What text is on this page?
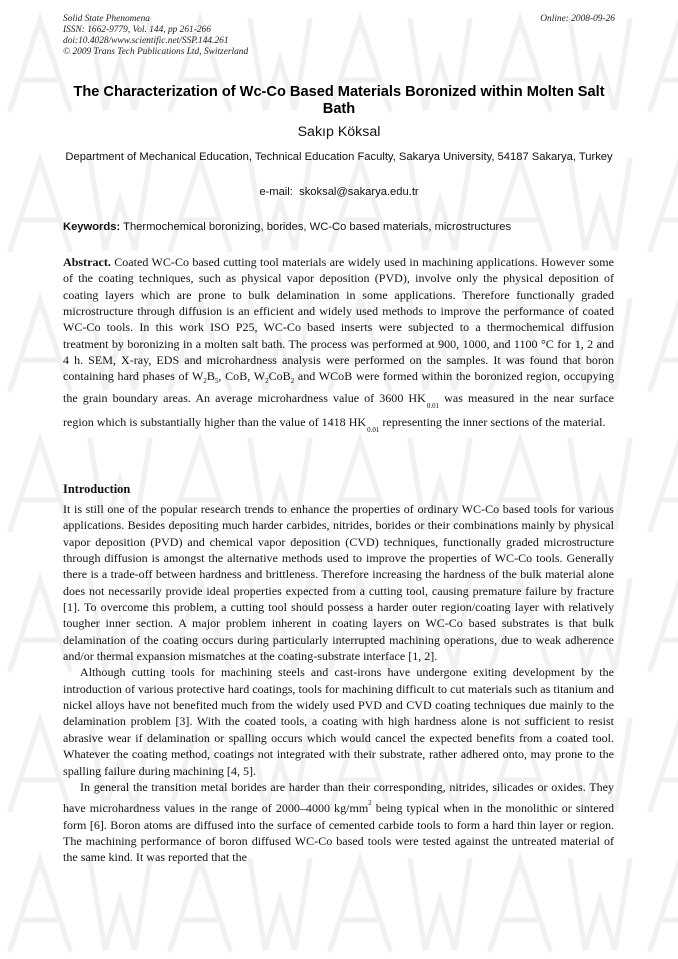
Solid State Phenomena
ISSN: 1662-9779, Vol. 144, pp 261-266
doi:10.4028/www.scientific.net/SSP.144.261
© 2009 Trans Tech Publications Ltd, Switzerland
Online: 2008-09-26
The Characterization of Wc-Co Based Materials Boronized within Molten Salt Bath
Sakıp Köksal
Department of Mechanical Education, Technical Education Faculty, Sakarya University, 54187 Sakarya, Turkey
e-mail: skoksal@sakarya.edu.tr
Keywords: Thermochemical boronizing, borides, WC-Co based materials, microstructures

Abstract. Coated WC-Co based cutting tool materials are widely used in machining applications. However some of the coating techniques, such as physical vapor deposition (PVD), involve only the physical deposition of coating layers which are prone to bulk delamination in some applications. Therefore functionally graded microstructure through diffusion is an efficient and widely used methods to improve the performance of coated WC-Co tools. In this work ISO P25, WC-Co based inserts were subjected to a thermochemical diffusion treatment by boronizing in a molten salt bath. The process was performed at 900, 1000, and 1100 °C for 1, 2 and 4 h. SEM, X-ray, EDS and microhardness analysis were performed on the samples. It was found that boron containing hard phases of $W_2B_5$, CoB, $W_2CoB_2$ and WCoB were formed within the boronized region, occupying the grain boundary areas. An average microhardness value of 3600 $HK_{0.01}$ was measured in the near surface region which is substantially higher than the value of 1418 $HK_{0.01}$ representing the inner sections of the material.

Introduction

It is still one of the popular research trends to enhance the properties of ordinary WC-Co based tools for various applications. Besides depositing much harder carbides, nitrides, borides or their combinations mainly by physical vapor deposition (PVD) and chemical vapor deposition (CVD) techniques, functionally graded microstructure through diffusion is amongst the alternative methods used to improve the properties of WC-Co tools. Generally there is a trade-off between hardness and brittleness. Therefore increasing the hardness of the bulk material alone does not necessarily provide ideal properties expected from a cutting tool, causing premature failure by fracture [1]. To overcome this problem, a cutting tool should possess a harder outer region/coating layer with relatively tougher inner section. A major problem inherent in coating layers on WC-Co based substrates is that bulk delamination of the coating occurs during particularly interrupted machining operations, due to weak adherence and/or thermal expansion mismatches at the coating-substrate interface [1, 2].

Although cutting tools for machining steels and cast-irons have undergone exiting development by the introduction of various protective hard coatings, tools for machining difficult to cut materials such as titanium and nickel alloys have not benefited much from the widely used PVD and CVD coating techniques due mainly to the delamination problem [3]. With the coated tools, a coating with high hardness alone is not sufficient to resist abrasive wear if delamination or spalling occurs which would cancel the expected benefits from a coated tool. Whatever the coating method, coatings not integrated with their substrate, rather adhered onto, may prone to the spalling failure during machining [4, 5].

In general the transition metal borides are harder than their corresponding, nitrides, silicades or oxides. They have microhardness values in the range of 2000–4000 $kg/mm^2$ being typical when in the monolithic or sintered form [6]. Boron atoms are diffused into the surface of cemented carbide tools to form a hard thin layer or region. The machining performance of boron diffused WC-Co based tools were tested against the untreated material of the same kind. It was reported that the
